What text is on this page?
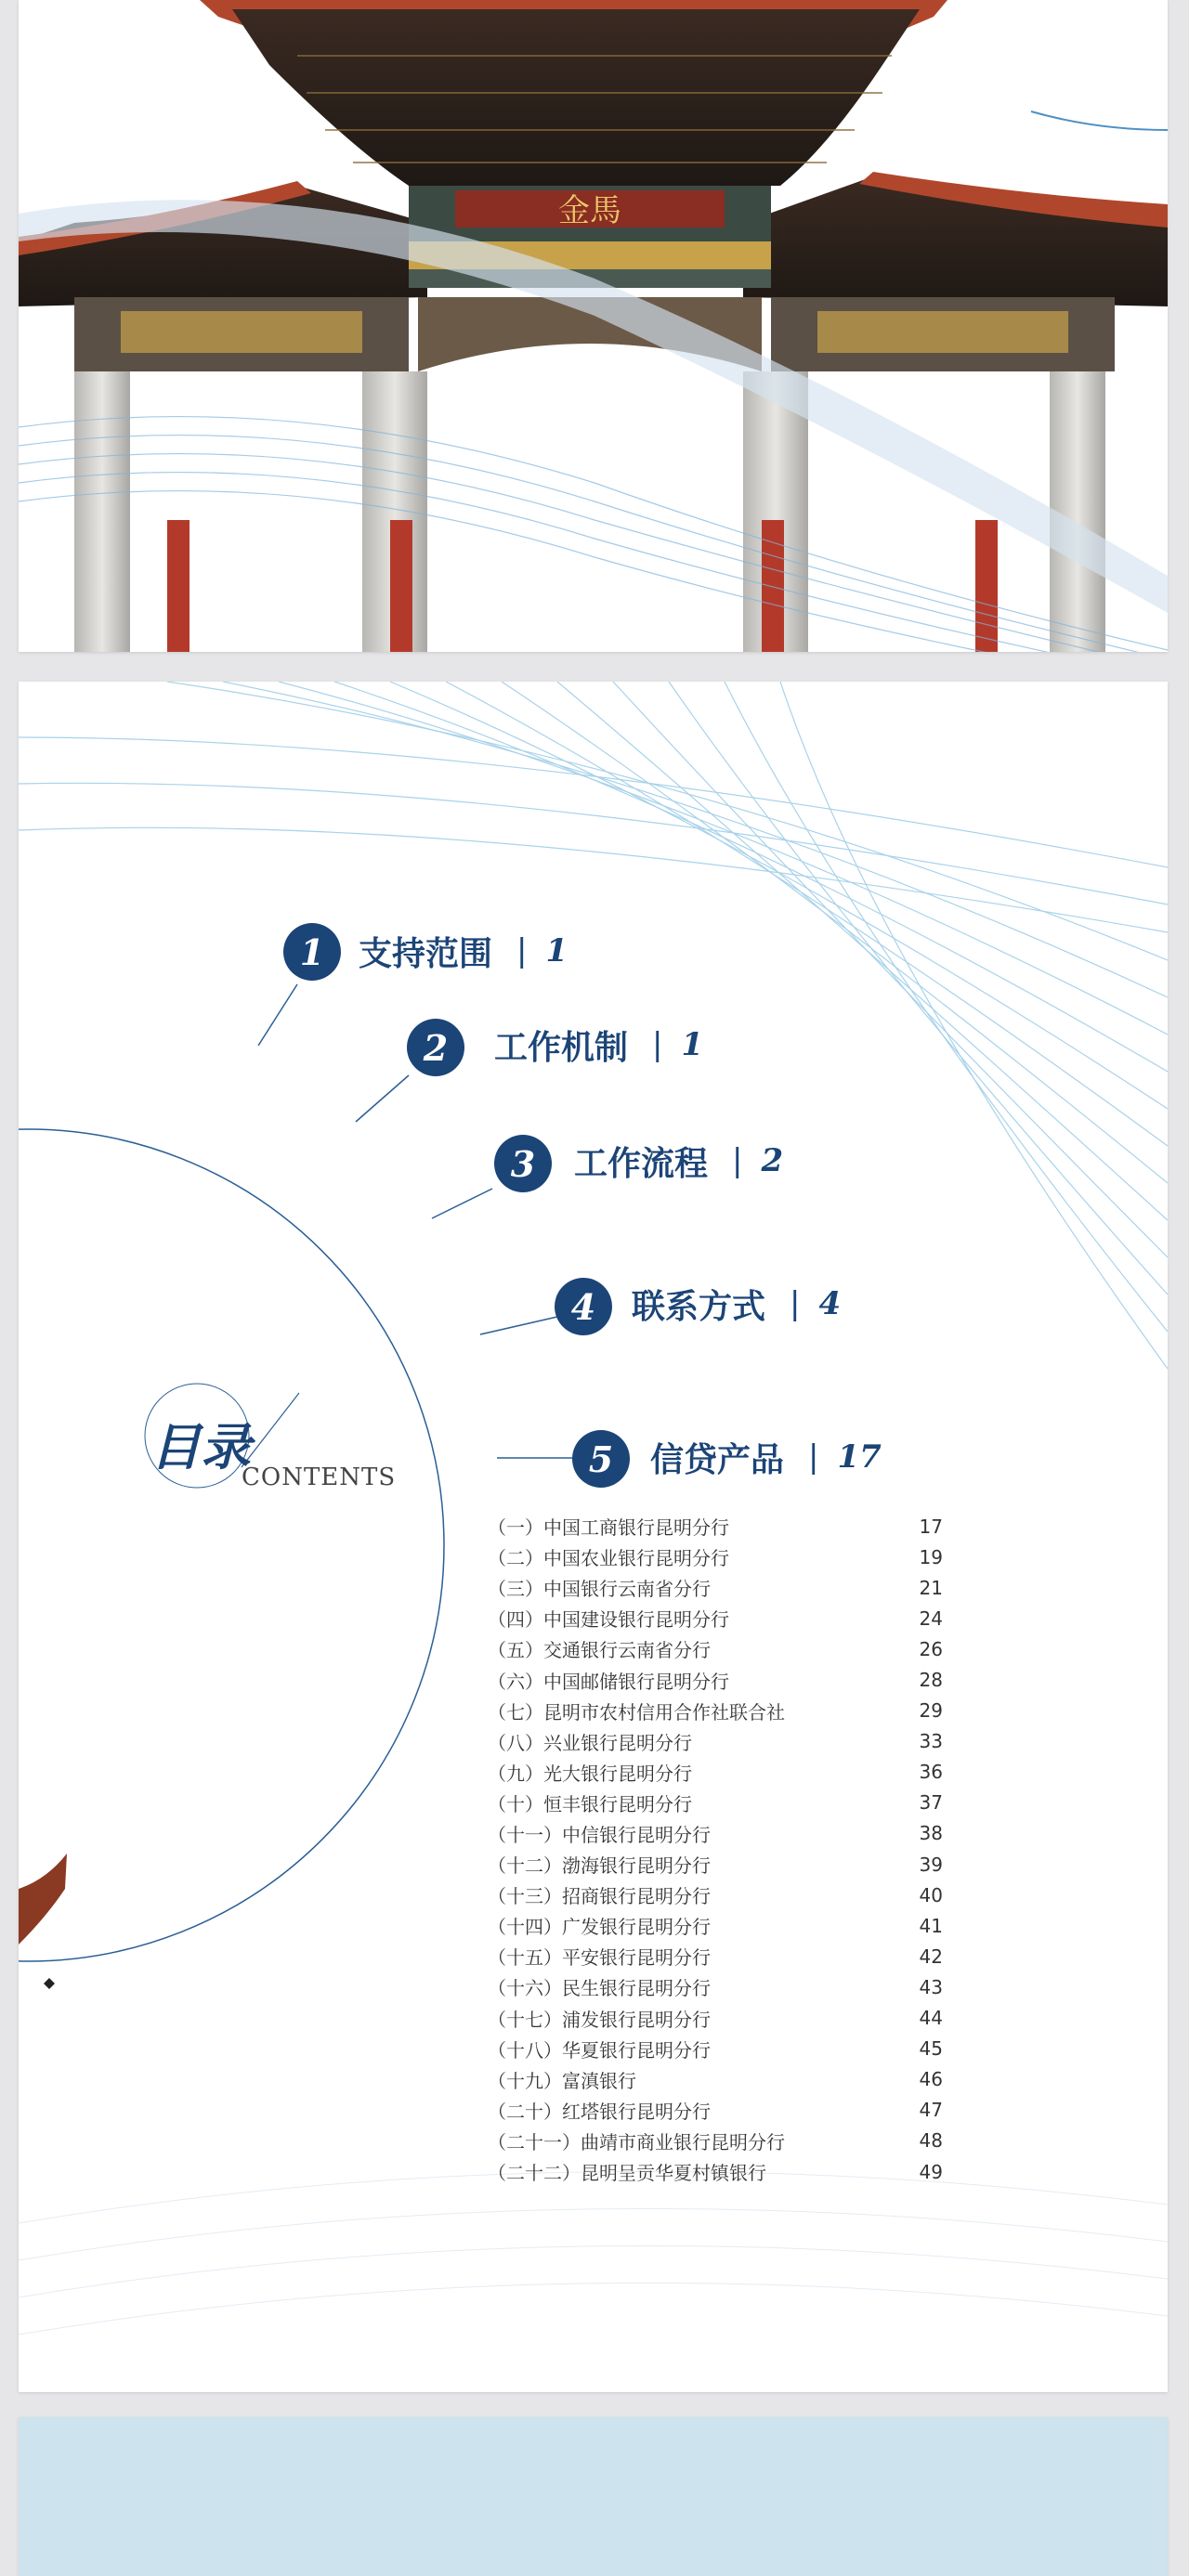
金馬
目录
CONTENTS
1	支持范围 | 1
2	工作机制 | 1
3	工作流程 | 2
4	联系方式 | 4
5	信贷产品 | 17
（一）中国工商银行昆明分行	17
（二）中国农业银行昆明分行	19
（三）中国银行云南省分行	21
（四）中国建设银行昆明分行	24
（五）交通银行云南省分行	26
（六）中国邮储银行昆明分行	28
（七）昆明市农村信用合作社联合社	29
（八）兴业银行昆明分行	33
（九）光大银行昆明分行	36
（十）恒丰银行昆明分行	37
（十一）中信银行昆明分行	38
（十二）渤海银行昆明分行	39
（十三）招商银行昆明分行	40
（十四）广发银行昆明分行	41
（十五）平安银行昆明分行	42
（十六）民生银行昆明分行	43
（十七）浦发银行昆明分行	44
（十八）华夏银行昆明分行	45
（十九）富滇银行	46
（二十）红塔银行昆明分行	47
（二十一）曲靖市商业银行昆明分行	48
（二十二）昆明呈贡华夏村镇银行	49
